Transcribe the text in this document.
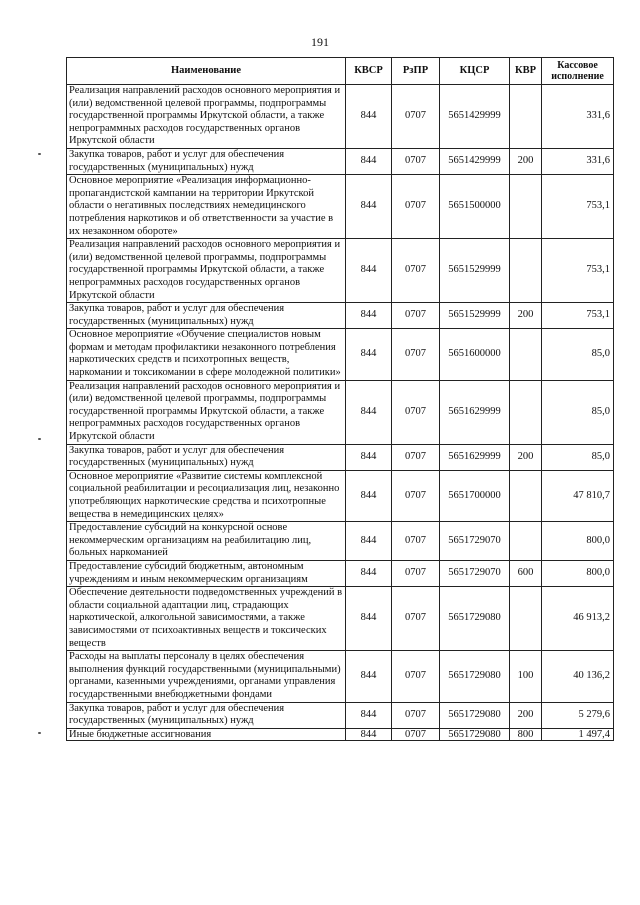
191
Наименование	КВСР	РзПР	КЦСР	КВР	Кассовое исполнение
Реализация направлений расходов основного мероприятия и (или) ведомственной целевой программы, подпрограммы государственной программы Иркутской области, а также непрограммных расходов государственных органов Иркутской области	844	0707	5651429999		331,6
Закупка товаров, работ и услуг для обеспечения государственных (муниципальных) нужд	844	0707	5651429999	200	331,6
Основное мероприятие «Реализация информационно-пропагандистской кампании на территории Иркутской области о негативных последствиях немедицинского потребления наркотиков и об ответственности за участие в их незаконном обороте»	844	0707	5651500000		753,1
Реализация направлений расходов основного мероприятия и (или) ведомственной целевой программы, подпрограммы государственной программы Иркутской области, а также непрограммных расходов государственных органов Иркутской области	844	0707	5651529999		753,1
Закупка товаров, работ и услуг для обеспечения государственных (муниципальных) нужд	844	0707	5651529999	200	753,1
Основное мероприятие «Обучение специалистов новым формам и методам профилактики незаконного потребления наркотических средств и психотропных веществ, наркомании и токсикомании в сфере молодежной политики»	844	0707	5651600000		85,0
Реализация направлений расходов основного мероприятия и (или) ведомственной целевой программы, подпрограммы государственной программы Иркутской области, а также непрограммных расходов государственных органов Иркутской области	844	0707	5651629999		85,0
Закупка товаров, работ и услуг для обеспечения государственных (муниципальных) нужд	844	0707	5651629999	200	85,0
Основное мероприятие «Развитие системы комплексной социальной реабилитации и ресоциализация лиц, незаконно употребляющих наркотические средства и психотропные вещества в немедицинских целях»	844	0707	5651700000		47 810,7
Предоставление субсидий на конкурсной основе некоммерческим организациям на реабилитацию лиц, больных наркоманией	844	0707	5651729070		800,0
Предоставление субсидий бюджетным, автономным учреждениям и иным некоммерческим организациям	844	0707	5651729070	600	800,0
Обеспечение деятельности подведомственных учреждений в области социальной адаптации лиц, страдающих наркотической, алкогольной зависимостями, а также зависимостями от психоактивных веществ и токсических веществ	844	0707	5651729080		46 913,2
Расходы на выплаты персоналу в целях обеспечения выполнения функций государственными (муниципальными) органами, казенными учреждениями, органами управления государственными внебюджетными фондами	844	0707	5651729080	100	40 136,2
Закупка товаров, работ и услуг для обеспечения государственных (муниципальных) нужд	844	0707	5651729080	200	5 279,6
Иные бюджетные ассигнования	844	0707	5651729080	800	1 497,4
